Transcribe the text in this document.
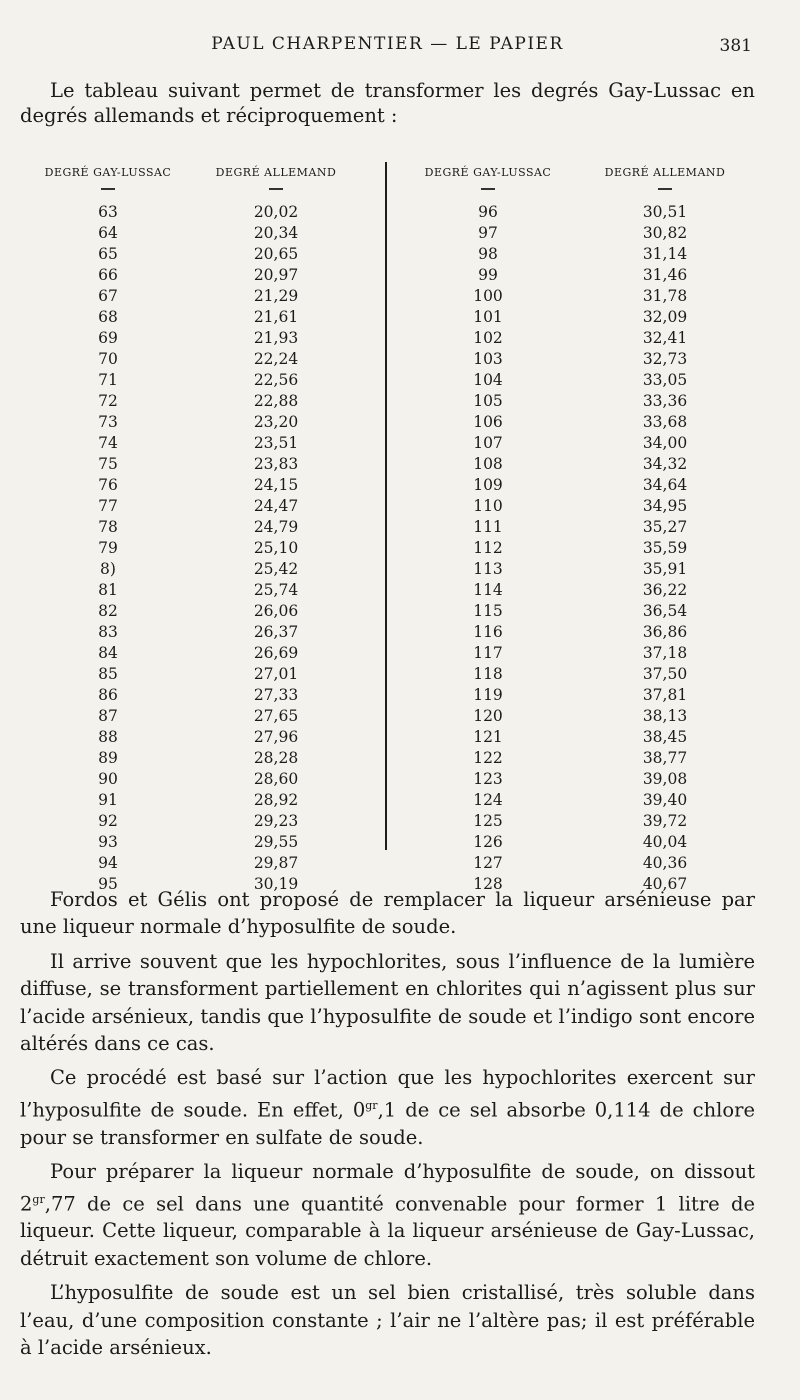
PAUL CHARPENTIER — LE PAPIER	381

Le tableau suivant permet de transformer les degrés Gay-Lussac en degrés allemands et réciproquement :

DEGRÉ GAY-LUSSAC	DEGRÉ ALLEMAND	DEGRÉ GAY-LUSSAC	DEGRÉ ALLEMAND
63	20,02	96	30,51
64	20,34	97	30,82
65	20,65	98	31,14
66	20,97	99	31,46
67	21,29	100	31,78
68	21,61	101	32,09
69	21,93	102	32,41
70	22,24	103	32,73
71	22,56	104	33,05
72	22,88	105	33,36
73	23,20	106	33,68
74	23,51	107	34,00
75	23,83	108	34,32
76	24,15	109	34,64
77	24,47	110	34,95
78	24,79	111	35,27
79	25,10	112	35,59
8)	25,42	113	35,91
81	25,74	114	36,22
82	26,06	115	36,54
83	26,37	116	36,86
84	26,69	117	37,18
85	27,01	118	37,50
86	27,33	119	37,81
87	27,65	120	38,13
88	27,96	121	38,45
89	28,28	122	38,77
90	28,60	123	39,08
91	28,92	124	39,40
92	29,23	125	39,72
93	29,55	126	40,04
94	29,87	127	40,36
95	30,19	128	40,67

Fordos et Gélis ont proposé de remplacer la liqueur arsénieuse par une liqueur normale d’hyposulfite de soude.

Il arrive souvent que les hypochlorites, sous l’influence de la lumière diffuse, se transforment partiellement en chlorites qui n’agissent plus sur l’acide arsénieux, tandis que l’hyposulfite de soude et l’indigo sont encore altérés dans ce cas.

Ce procédé est basé sur l’action que les hypochlorites exercent sur l’hyposulfite de soude. En effet, $0^{gr},1$ de ce sel absorbe 0,114 de chlore pour se transformer en sulfate de soude.

Pour préparer la liqueur normale d’hyposulfite de soude, on dissout $2^{gr},77$ de ce sel dans une quantité convenable pour former 1 litre de liqueur. Cette liqueur, comparable à la liqueur arsénieuse de Gay-Lussac, détruit exactement son volume de chlore.

L’hyposulfite de soude est un sel bien cristallisé, très soluble dans l’eau, d’une composition constante ; l’air ne l’altère pas; il est préférable à l’acide arsénieux.
